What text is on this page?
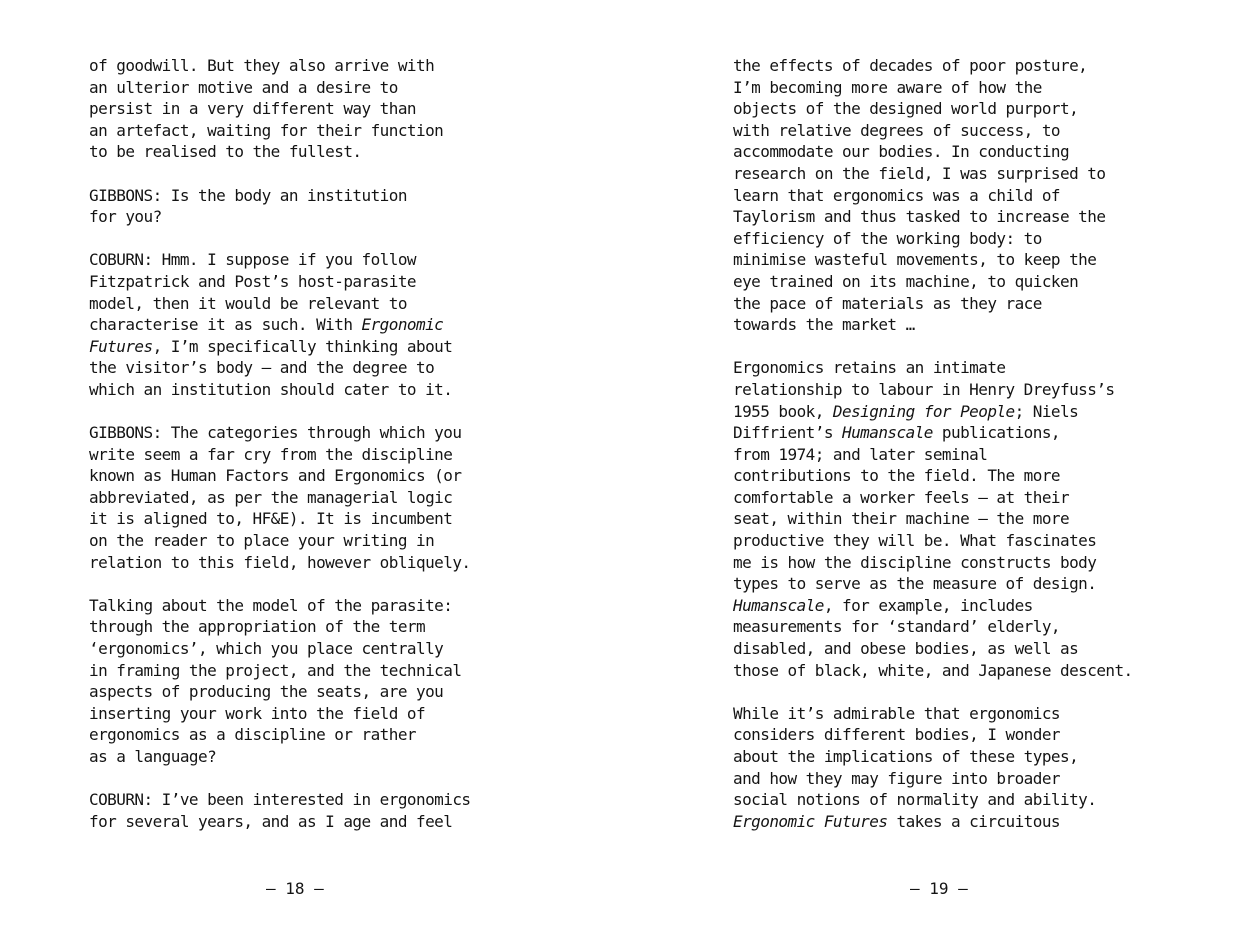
of goodwill. But they also arrive with
an ulterior motive and a desire to
persist in a very different way than
an artefact, waiting for their function
to be realised to the fullest.

GIBBONS: Is the body an institution
for you?

COBURN: Hmm. I suppose if you follow
Fitzpatrick and Post’s host-parasite
model, then it would be relevant to
characterise it as such. With Ergonomic
Futures, I’m specifically thinking about
the visitor’s body — and the degree to
which an institution should cater to it.

GIBBONS: The categories through which you
write seem a far cry from the discipline
known as Human Factors and Ergonomics (or
abbreviated, as per the managerial logic
it is aligned to, HF&E). It is incumbent
on the reader to place your writing in
relation to this field, however obliquely.

Talking about the model of the parasite:
through the appropriation of the term
‘ergonomics’, which you place centrally
in framing the project, and the technical
aspects of producing the seats, are you
inserting your work into the field of
ergonomics as a discipline or rather
as a language?

COBURN: I’ve been interested in ergonomics
for several years, and as I age and feel

— 18 —

the effects of decades of poor posture,
I’m becoming more aware of how the
objects of the designed world purport,
with relative degrees of success, to
accommodate our bodies. In conducting
research on the field, I was surprised to
learn that ergonomics was a child of
Taylorism and thus tasked to increase the
efficiency of the working body: to
minimise wasteful movements, to keep the
eye trained on its machine, to quicken
the pace of materials as they race
towards the market …

Ergonomics retains an intimate
relationship to labour in Henry Dreyfuss’s
1955 book, Designing for People; Niels
Diffrient’s Humanscale publications,
from 1974; and later seminal
contributions to the field. The more
comfortable a worker feels — at their
seat, within their machine — the more
productive they will be. What fascinates
me is how the discipline constructs body
types to serve as the measure of design.
Humanscale, for example, includes
measurements for ‘standard’ elderly,
disabled, and obese bodies, as well as
those of black, white, and Japanese descent.

While it’s admirable that ergonomics
considers different bodies, I wonder
about the implications of these types,
and how they may figure into broader
social notions of normality and ability.
Ergonomic Futures takes a circuitous

— 19 —
